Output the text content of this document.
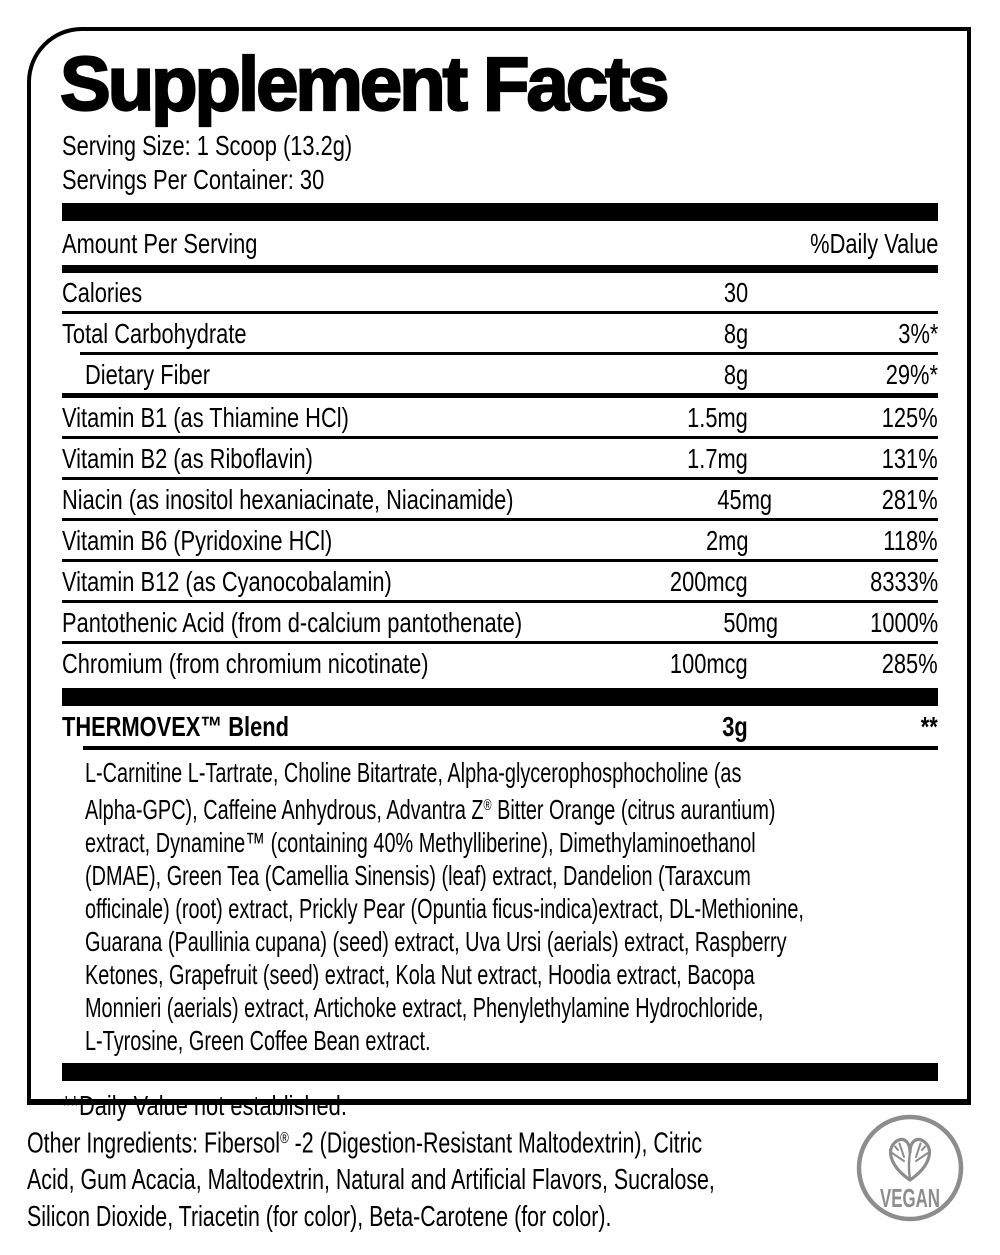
Supplement Facts
Serving Size: 1 Scoop (13.2g)
Servings Per Container: 30
Amount Per Serving	%Daily Value
Calories	30
Total Carbohydrate	8g	3%*
Dietary Fiber	8g	29%*
Vitamin B1 (as Thiamine HCl)	1.5mg	125%
Vitamin B2 (as Riboflavin)	1.7mg	131%
Niacin (as inositol hexaniacinate, Niacinamide)	45mg	281%
Vitamin B6 (Pyridoxine HCl)	2mg	118%
Vitamin B12 (as Cyanocobalamin)	200mcg	8333%
Pantothenic Acid (from d-calcium pantothenate)	50mg	1000%
Chromium (from chromium nicotinate)	100mcg	285%
THERMOVEX™ Blend	3g	**
L-Carnitine L-Tartrate, Choline Bitartrate, Alpha-glycerophosphocholine (as
Alpha-GPC), Caffeine Anhydrous, Advantra Z® Bitter Orange (citrus aurantium)
extract, Dynamine™ (containing 40% Methylliberine), Dimethylaminoethanol
(DMAE), Green Tea (Camellia Sinensis) (leaf) extract, Dandelion (Taraxcum
officinale) (root) extract, Prickly Pear (Opuntia ficus-indica)extract, DL-Methionine,
Guarana (Paullinia cupana) (seed) extract, Uva Ursi (aerials) extract, Raspberry
Ketones, Grapefruit (seed) extract, Kola Nut extract, Hoodia extract, Bacopa
Monnieri (aerials) extract, Artichoke extract, Phenylethylamine Hydrochloride,
L-Tyrosine, Green Coffee Bean extract.
**Daily Value not established.
Other Ingredients: Fibersol® -2 (Digestion-Resistant Maltodextrin), Citric
Acid, Gum Acacia, Maltodextrin, Natural and Artificial Flavors, Sucralose,
Silicon Dioxide, Triacetin (for color), Beta-Carotene (for color).
VEGAN
